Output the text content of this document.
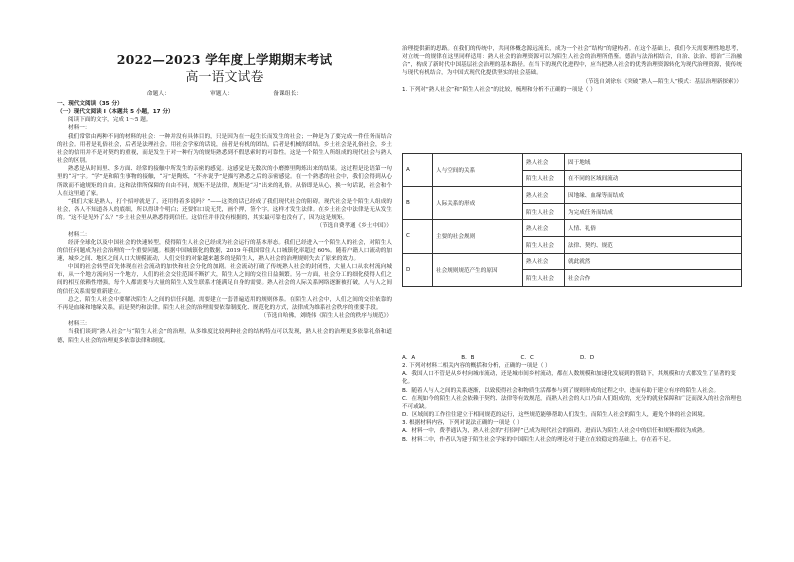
2022—2023 学年度上学期期末考试
高一语文试卷
命题人：	审题人：	备课组长：
一、现代文阅读（35 分）
（一）现代文阅读 I（本题共 5 小题，17 分）

阅读下面的文字，完成 1～5 题。

材料一：

我们常常由两种不同的材料的社会：一种并没有具体目的，只是因为在一起生长而发生的社会；一种是为了要完成一件任务而结合的社会。用者是礼俗社会，后者是法理社会。用社会学家的话说，前者是有机的团结，后者是机械的团结。乡土社会是礼俗社会，乡土社会的信用并不是对契约的重视，而是发生于对一种行为的规矩熟悉到不假思索时的可靠性。这是一个陌生人所组成的现代社会与熟人社会的区别。

熟悉是从时间里、多方面、经常的接触中所发生的亲密的感觉。这感觉是无数次的小磨擦里陶炼出来的结果。这过程是论语第一句里的“习”字。“学”是和陌生事物的接触，“习”是陶炼，“不亦说乎”是描写熟悉之后的亲密感觉。在一个熟悉的社会中，我们会得到从心所欲而不逾规矩的自由。这和法律所保障的自由不同，规矩不是法律，规矩是“习”出来的礼俗。从俗即是从心，换一句话说，社会和个人在这里通了家。

“我们大家是熟人，打个招呼就是了，还用得着多说吗？”——这类的话已经成了我们现代社会的阻碍。现代社会是个陌生人组成的社会，各人不知道各人的底细，所以得讲个明白；还要怕口说无凭，画个押，签个字。这样才发生法律。在乡土社会中法律是无从发生的。“这不是见外了么？”乡土社会里从熟悉得到信任。这信任并非没有根据的，其实最可靠也没有了，因为这是规矩。

（节选自费孝通《乡土中国》）

材料二：

经济全球化以及中国社会的快速转型，使得陌生人社会已经成为社会运行的基本形态。我们已经进入一个陌生人的社会，对陌生人的信任问题成为社会治理的一个重要问题。根据中国城镇化的数据，2019 年我国常住人口城镇化率超过 60%。随着户籍人口流动的加速，城乡之间、地区之间人口大规模流动，人们交往的对象越来越多的是陌生人，熟人社会的治理规则失去了原来的效力。

中国的社会转型首先体现在社会流动的加快和社会分化的加剧。社会流动打破了传统熟人社会的封闭性，大量人口从农村流向城市，从一个地方流向另一个地方，人们的社会交往范围不断扩大，陌生人之间的交往日益频繁。另一方面，社会分工的细化使得人们之间的相互依赖性增强，每个人都需要与大量的陌生人发生联系才能满足自身的需要。熟人社会的人际关系网络逐渐被打破，人与人之间的信任关系需要重新建立。

总之，陌生人社会中要解决陌生人之间的信任问题，需要建立一套普遍适用的规则体系。在陌生人社会中，人们之间的交往依靠的不再是血缘和地缘关系，而是契约和法律。陌生人社会的治理需要依靠制度化、规范化的方式，法律成为维系社会秩序的重要手段。

（节选自哈佛，刘晓伟《陌生人社会的秩序与规范》）

材料三：

当我们谈到“熟人社会”与“陌生人社会”的治理，从多维度比较两种社会的结构特点可以发现，熟人社会的治理更多依靠礼俗和道德，陌生人社会的治理更多依靠法律和制度。

治理提供新的思路。在我们的传统中，共同体概念源远流长，成为一个社会“结构”的建构者。在这个基础上，我们今天需要理性地思考，对立统一的规律在这里同样适用：熟人社会的治理资源可以为陌生人社会的治理所借鉴。德治与法治相结合，自治、法治、德治“三治融合”，构成了新时代中国基层社会治理的基本路径。在当下的现代化进程中，应当把熟人社会的优秀治理资源转化为现代治理资源，使传统与现代有机结合，为中国式现代化提供坚实的社会基础。

（节选自刘徐东《突破“熟人—陌生人”模式：基层治理新探索》）

1. 下列对“熟人社会”和“陌生人社会”的比较，梳理和分析不正确的一项是（ ）

A	人与空间的关系	熟人社会	固于地域
		陌生人社会	在不同的区域间流动
B	人际关系的形成	熟人社会	因地缘、血缘等而结成
		陌生人社会	为完成任务而结成
C	主要的社会规则	熟人社会	人情、礼俗
		陌生人社会	法律、契约、规范
D	社会规则规范产生的原因	熟人社会	就此就然
		陌生人社会	社会合作
A．A	B．B	C．C	D．D

2. 下列对材料二相关内容的概括和分析，正确的一项是（ ）

A．我国人口不管是从乡村向城市流动，还是城市间乡村流动，都在人数规模和加速化发展到的帮助下，其规模和方式都发生了显著的变化。

B．随着人与人之间的关系逐渐，以致使得社会和物质生活都参与到了规则形成的过程之中，进而有助于建立有序的陌生人社会。

C．在现如今的陌生人社会依赖于契约、法律等有效规范，而熟人社会的人口乃由人们组成的，充分的就业保障和广泛而深入的社会治理也不可或缺。

D．区域间的工作往往建立于相同规范的运行，这些规范能够帮助人们发生，而陌生人社会的陌生人，避免个体的社会困境。

3. 根据材料内容，下列对说法正确的一项是（ ）

A．材料一中，费孝通认为，熟人社会的“打招呼”已成为现代社会的阻碍，进而认为陌生人社会中的信任和规矩都较为成熟。

B．材料二中，作者认为建于陌生社会学家的中国陌生人社会的理论对于建立在较稳定的基础上，存在着不足。
